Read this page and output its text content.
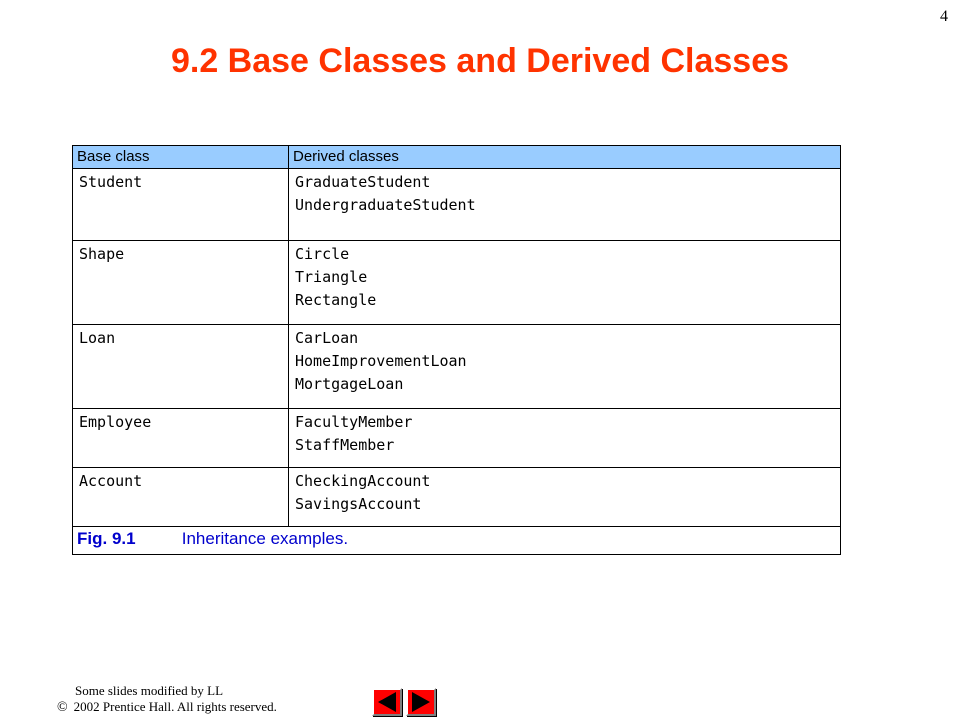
4
9.2 Base Classes and Derived Classes
Base class	Derived classes

Student	GraduateStudent
UndergraduateStudent

Shape	Circle
Triangle
Rectangle

Loan	CarLoan
HomeImprovementLoan
MortgageLoan

Employee	FacultyMember
StaffMember

Account	CheckingAccount
SavingsAccount

Fig. 9.1 Inheritance examples.	
Some slides modified by LL
© 2002 Prentice Hall. All rights reserved.
